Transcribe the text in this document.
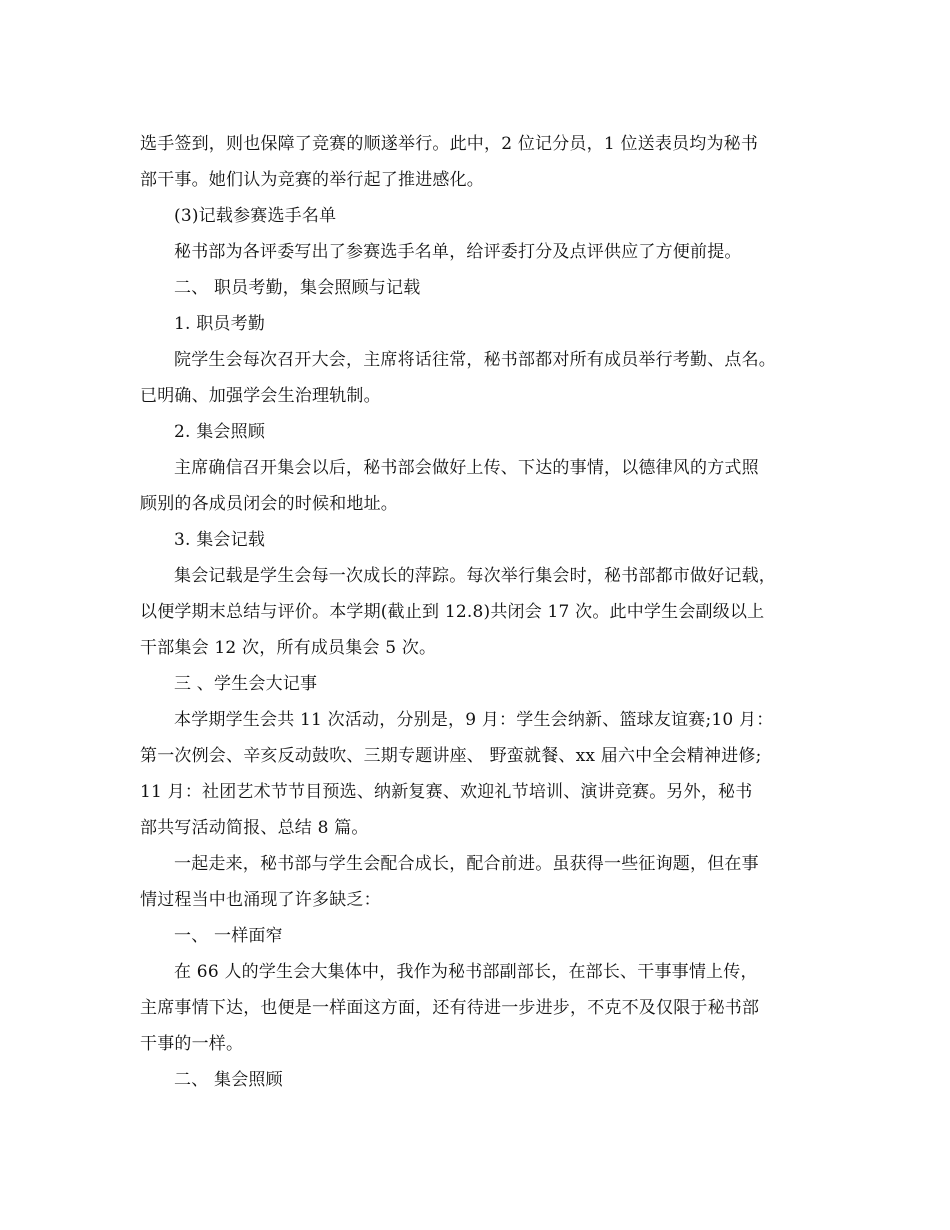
选手签到，则也保障了竞赛的顺遂举行。此中，2 位记分员，1 位送表员均为秘书
部干事。她们认为竞赛的举行起了推进感化。
(3)记载参赛选手名单
秘书部为各评委写出了参赛选手名单，给评委打分及点评供应了方便前提。
二、 职员考勤，集会照顾与记载
1. 职员考勤
院学生会每次召开大会，主席将话往常，秘书部都对所有成员举行考勤、点名。
已明确、加强学会生治理轨制。
2. 集会照顾
主席确信召开集会以后，秘书部会做好上传、下达的事情，以德律风的方式照
顾别的各成员闭会的时候和地址。
3. 集会记载
集会记载是学生会每一次成长的萍踪。每次举行集会时，秘书部都市做好记载，
以便学期末总结与评价。本学期(截止到 12.8)共闭会 17 次。此中学生会副级以上
干部集会 12 次，所有成员集会 5 次。
三 、学生会大记事
本学期学生会共 11 次活动，分别是，9 月：学生会纳新、篮球友谊赛;10 月：
第一次例会、辛亥反动鼓吹、三期专题讲座、 野蛮就餐、xx 届六中全会精神进修;
11 月：社团艺术节节目预选、纳新复赛、欢迎礼节培训、演讲竞赛。另外，秘书
部共写活动简报、总结 8 篇。
一起走来，秘书部与学生会配合成长，配合前进。虽获得一些征询题，但在事
情过程当中也涌现了许多缺乏：
一、 一样面窄
在 66 人的学生会大集体中，我作为秘书部副部长，在部长、干事事情上传，
主席事情下达，也便是一样面这方面，还有待进一步进步，不克不及仅限于秘书部
干事的一样。
二、 集会照顾
